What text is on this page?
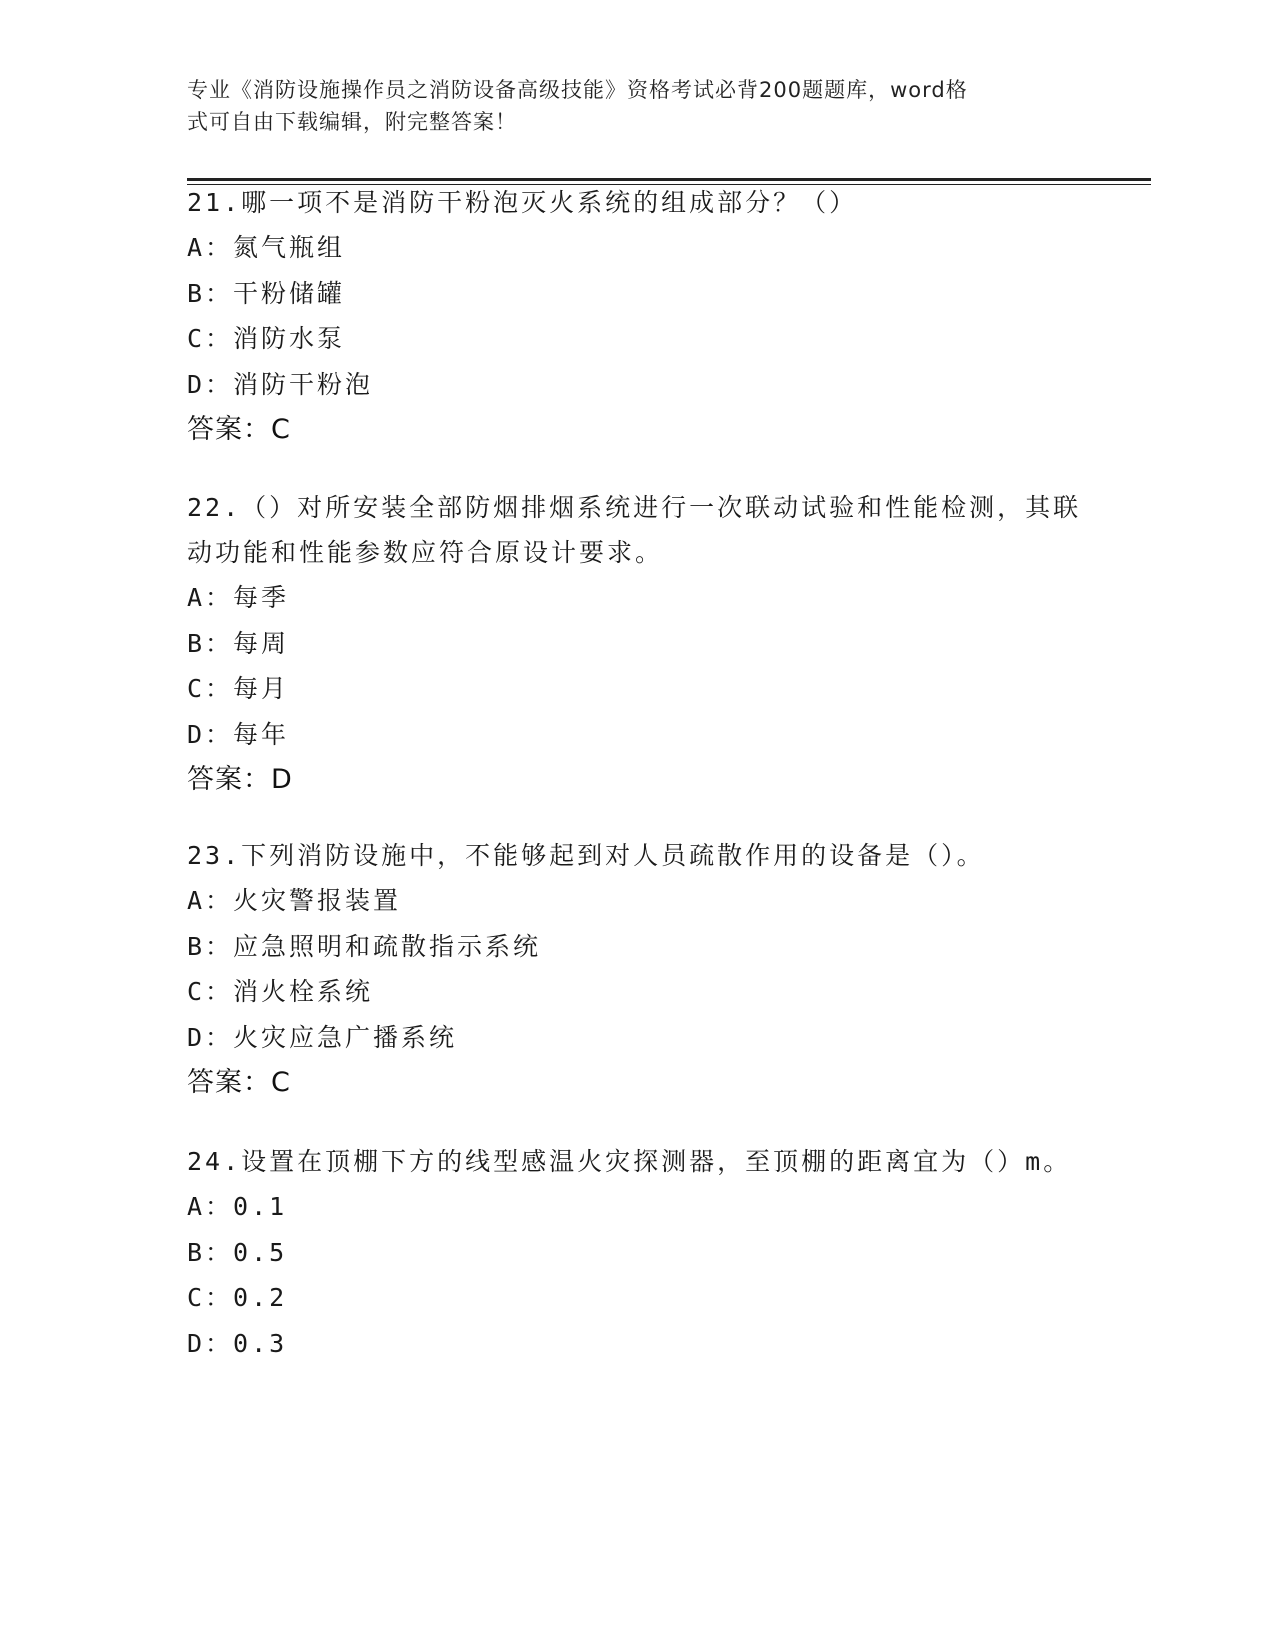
专业《消防设施操作员之消防设备高级技能》资格考试必背200题题库，word格
式可自由下载编辑，附完整答案！
21.哪一项不是消防干粉泡灭火系统的组成部分？（）
A：氮气瓶组
B：干粉储罐
C：消防水泵
D：消防干粉泡
答案：C
22.（）对所安装全部防烟排烟系统进行一次联动试验和性能检测，其联动功能和性能参数应符合原设计要求。
A：每季
B：每周
C：每月
D：每年
答案：D
23.下列消防设施中，不能够起到对人员疏散作用的设备是（）。
A：火灾警报装置
B：应急照明和疏散指示系统
C：消火栓系统
D：火灾应急广播系统
答案：C
24.设置在顶棚下方的线型感温火灾探测器，至顶棚的距离宜为（）m。
A：0.1
B：0.5
C：0.2
D：0.3
